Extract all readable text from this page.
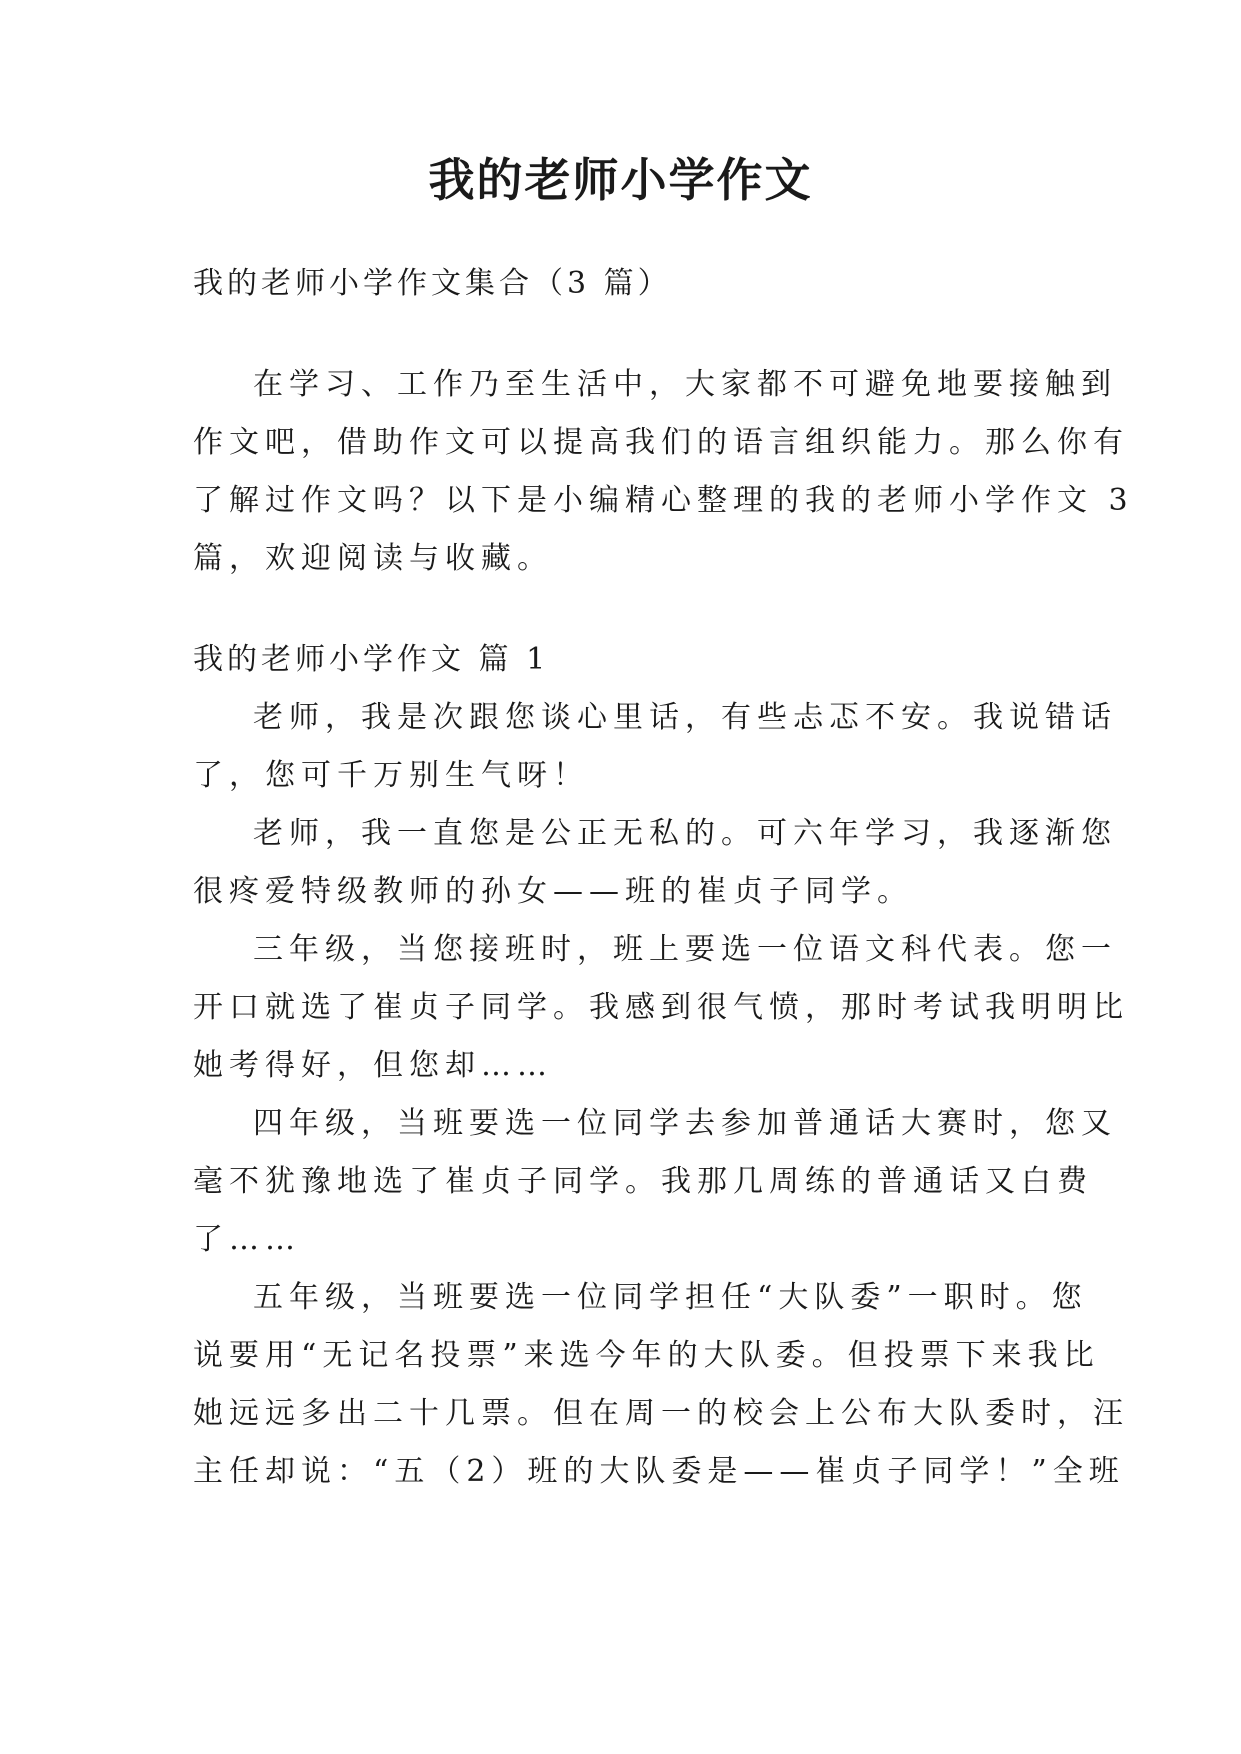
我的老师小学作文
我的老师小学作文集合（3 篇）
在学习、工作乃至生活中，大家都不可避免地要接触到
作文吧，借助作文可以提高我们的语言组织能力。那么你有
了解过作文吗？以下是小编精心整理的我的老师小学作文 3
篇，欢迎阅读与收藏。
我的老师小学作文 篇 1
老师，我是次跟您谈心里话，有些忐忑不安。我说错话
了，您可千万别生气呀！
老师，我一直您是公正无私的。可六年学习，我逐渐您
很疼爱特级教师的孙女——班的崔贞子同学。
三年级，当您接班时，班上要选一位语文科代表。您一
开口就选了崔贞子同学。我感到很气愤，那时考试我明明比
她考得好，但您却……
四年级，当班要选一位同学去参加普通话大赛时，您又
毫不犹豫地选了崔贞子同学。我那几周练的普通话又白费
了……
五年级，当班要选一位同学担任“大队委”一职时。您
说要用“无记名投票”来选今年的大队委。但投票下来我比
她远远多出二十几票。但在周一的校会上公布大队委时，汪
主任却说：“五（2）班的大队委是——崔贞子同学！”全班
